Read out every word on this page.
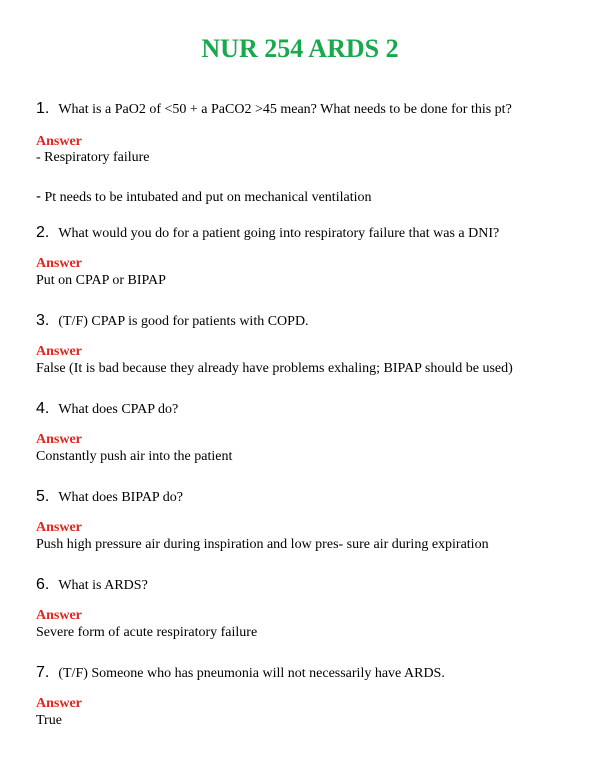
NUR 254 ARDS 2
1. What is a PaO2 of <50 + a PaCO2 >45 mean? What needs to be done for this pt?
Answer
- Respiratory failure
- Pt needs to be intubated and put on mechanical ventilation
2. What would you do for a patient going into respiratory failure that was a DNI?
Answer
Put on CPAP or BIPAP
3. (T/F) CPAP is good for patients with COPD.
Answer
False (It is bad because they already have problems exhaling; BIPAP should be used)
4. What does CPAP do?
Answer
Constantly push air into the patient
5. What does BIPAP do?
Answer
Push high pressure air during inspiration and low pres- sure air during expiration
6. What is ARDS?
Answer
Severe form of acute respiratory failure
7. (T/F) Someone who has pneumonia will not necessarily have ARDS.
Answer
True
